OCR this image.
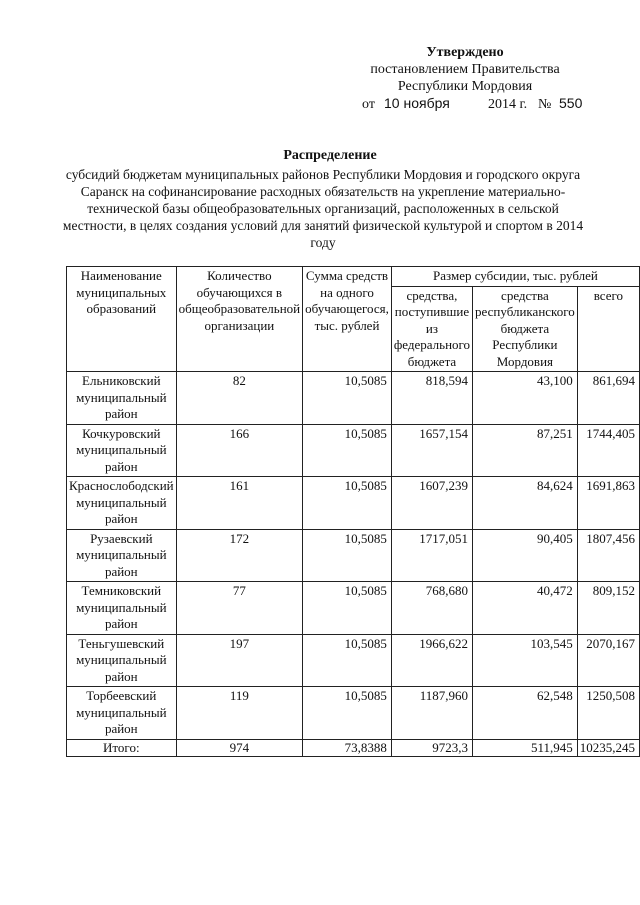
Утверждено
постановлением Правительства
Республики Мордовия
от 10 ноября	2014 г. № 550
Распределение
субсидий бюджетам муниципальных районов Республики Мордовия и городского округа Саранск на софинансирование расходных обязательств на укрепление материально-технической базы общеобразовательных организаций, расположенных в сельской местности, в целях создания условий для занятий физической культурой и спортом в 2014 году
Наименование муниципальных образований	Количество обучающихся в общеобразовательной организации	Сумма средств на одного обучающегося, тыс. рублей	Размер субсидии, тыс. рублей		
			средства, поступившие из федерального бюджета	средства республиканского бюджета Республики Мордовия	всего
Ельниковский муниципальный район	82	10,5085	818,594	43,100	861,694
Кочкуровский муниципальный район	166	10,5085	1657,154	87,251	1744,405
Краснослободский муниципальный район	161	10,5085	1607,239	84,624	1691,863
Рузаевский муниципальный район	172	10,5085	1717,051	90,405	1807,456
Темниковский муниципальный район	77	10,5085	768,680	40,472	809,152
Теньгушевский муниципальный район	197	10,5085	1966,622	103,545	2070,167
Торбеевский муниципальный район	119	10,5085	1187,960	62,548	1250,508
Итого:	974	73,8388	9723,3	511,945	10235,245
